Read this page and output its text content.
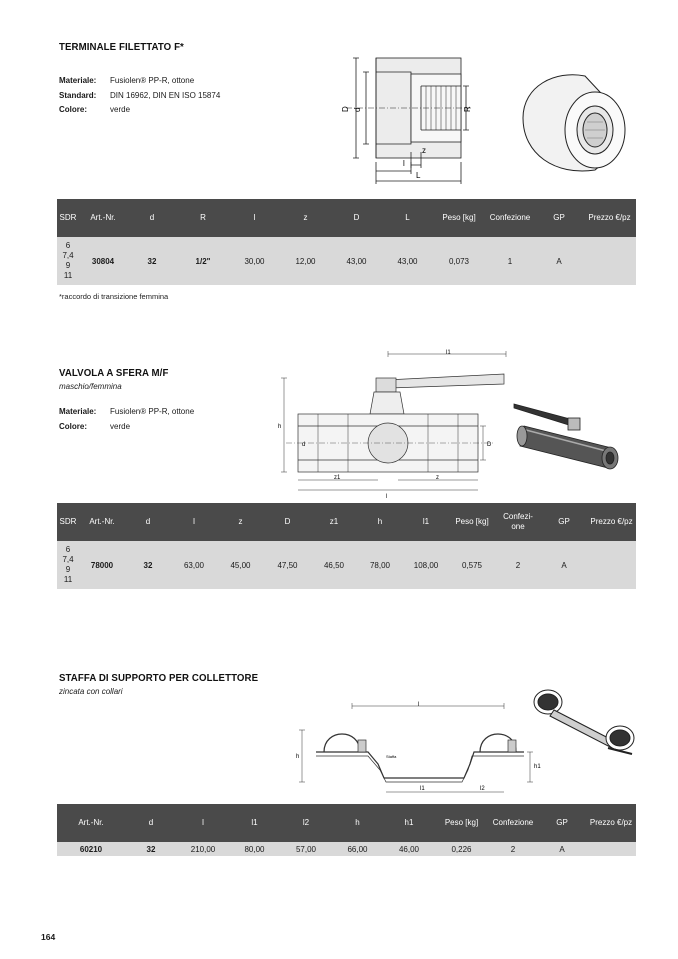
TERMINALE FILETTATO F*
Materiale: Fusiolen® PP-R, ottone
Standard: DIN 16962, DIN EN ISO 15874
Colore:	verde	D d	R
z
l
L
SDR	Art.-Nr.	d	R	l	z	D	L	Peso [kg]	Confezione	GP	Prezzo €/pz
6
7,4
9
11	30804	32	1/2"	30,00	12,00	43,00	43,00	0,073	1	A	
*raccordo di transizione femmina
VALVOLA A SFERA M/F
maschio/femmina
Materiale: Fusiolen® PP-R, ottone
Colore:	verde
l1
h
D
d
z1	z
l
SDR	Art.-Nr.	d	l	z	D	z1	h	l1	Peso [kg]	Confezi-
one	GP	Prezzo €/pz
6
7,4
9
11	78000	32	63,00	45,00	47,50	46,50	78,00	108,00	0,575	2	A	
STAFFA DI SUPPORTO PER COLLETTORE
zincata con collari
l
h
h1
l1	l2
Staffa
Art.-Nr.	d	l	l1	l2	h	h1	Peso [kg]	Confezione	GP	Prezzo €/pz
60210	32	210,00	80,00	57,00	66,00	46,00	0,226	2	A	
164
